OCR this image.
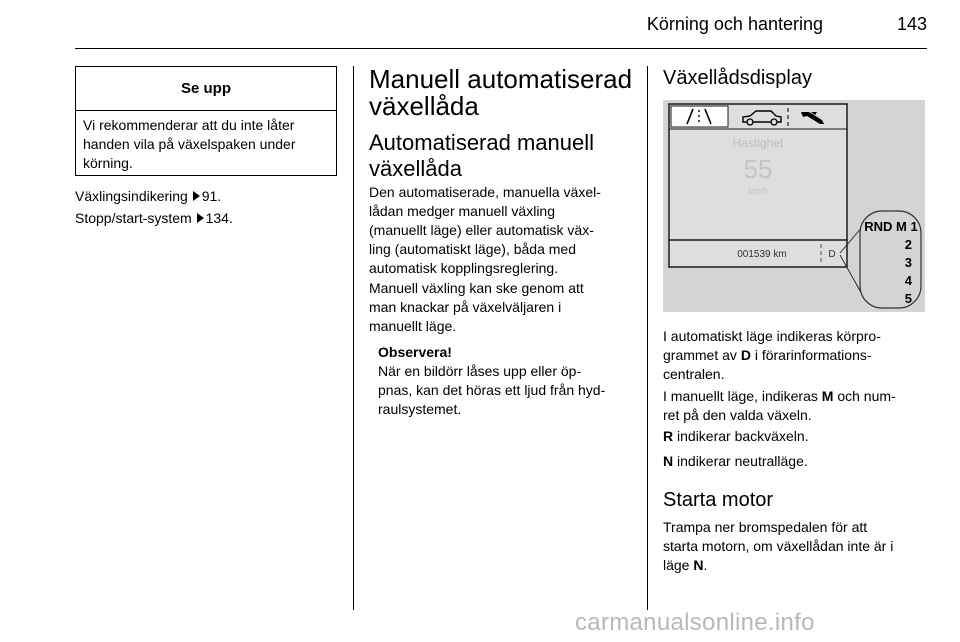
Körning och hantering	143
Se upp
Vi rekommenderar att du inte låter
handen vila på växelspaken under
körning.
Växlingsindikering 91.
Stopp/start-system 134.
Manuell automatiserad
växellåda
Automatiserad manuell
växellåda
Den automatiserade, manuella växel-
lådan medger manuell växling
(manuellt läge) eller automatisk väx-
ling (automatiskt läge), båda med
automatisk kopplingsreglering.
Manuell växling kan ske genom att
man knackar på växelväljaren i
manuellt läge.
Observera!
När en bildörr låses upp eller öp-
pnas, kan det höras ett ljud från hyd-
raulsystemet.
Växellådsdisplay
Hastighet
55
km/h
001539 km	D
RND M 1
2
3
4
5
I automatiskt läge indikeras körpro-
grammet av D i förarinformations-
centralen.
I manuellt läge, indikeras M och num-
ret på den valda växeln.
R indikerar backväxeln.
N indikerar neutralläge.
Starta motor
Trampa ner bromspedalen för att
starta motorn, om växellådan inte är i
läge N.
carmanualsonline.info
